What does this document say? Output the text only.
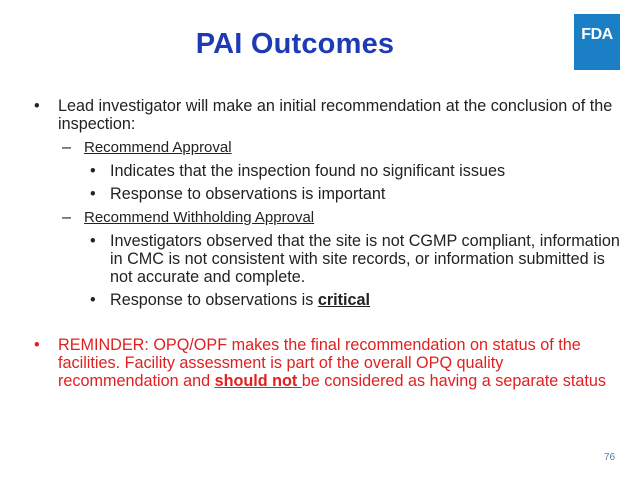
PAI Outcomes	FDA
• Lead investigator will make an initial recommendation at the conclusion of the inspection:
– Recommend Approval
• Indicates that the inspection found no significant issues
• Response to observations is important
– Recommend Withholding Approval
• Investigators observed that the site is not CGMP compliant, information in CMC is not consistent with site records, or information submitted is not accurate and complete.
• Response to observations is critical
• REMINDER: OPQ/OPF makes the final recommendation on status of the facilities. Facility assessment is part of the overall OPQ quality recommendation and should not be considered as having a separate status
76
